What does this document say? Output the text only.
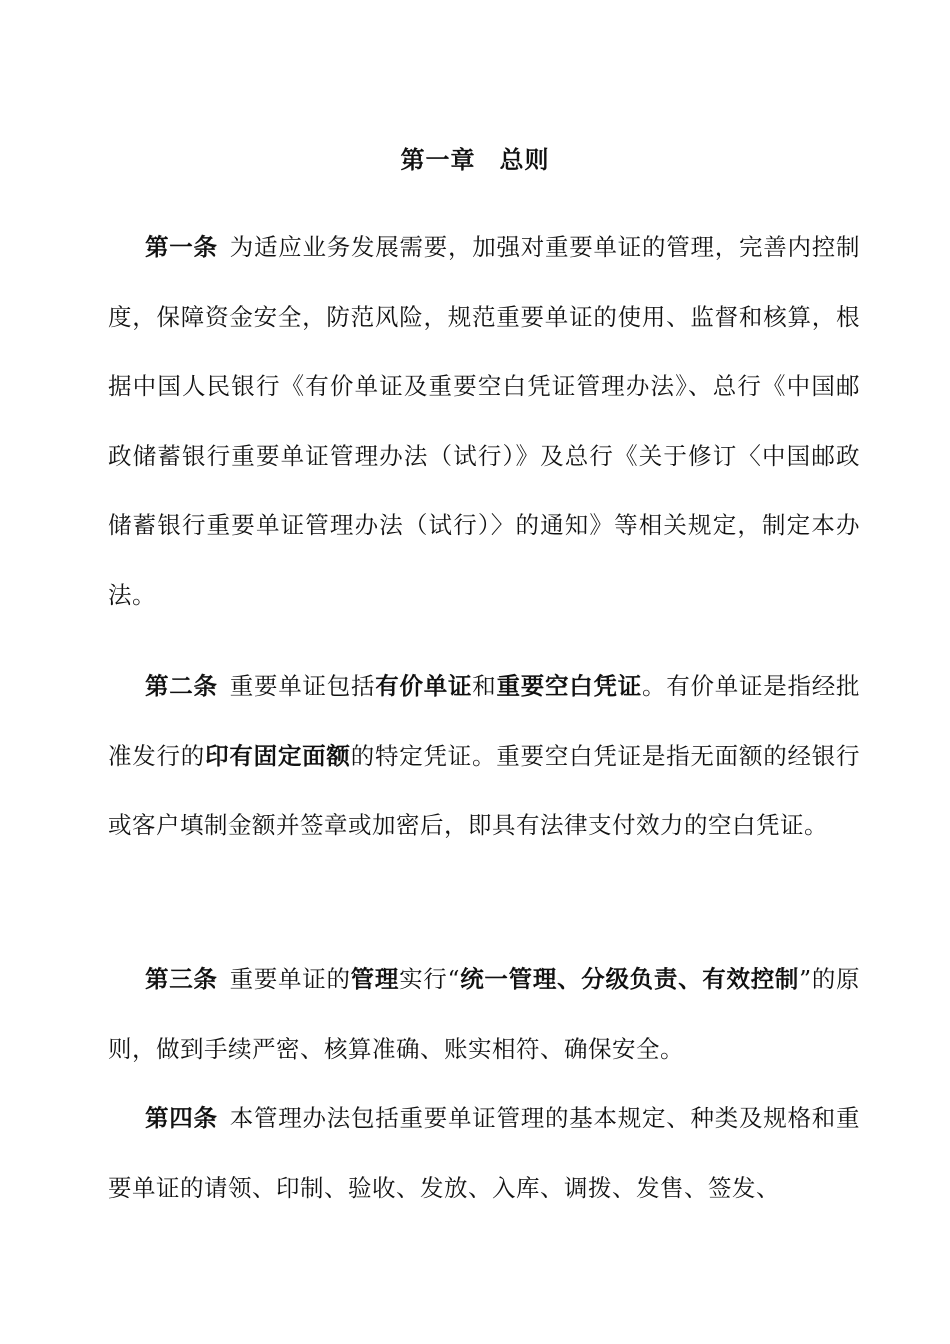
第一章 总则

第一条 为适应业务发展需要，加强对重要单证的管理，完善内控制度，保障资金安全，防范风险，规范重要单证的使用、监督和核算，根据中国人民银行《有价单证及重要空白凭证管理办法》、总行《中国邮政储蓄银行重要单证管理办法（试行）》及总行《关于修订〈中国邮政储蓄银行重要单证管理办法（试行）〉的通知》等相关规定，制定本办法。

第二条 重要单证包括有价单证和重要空白凭证。有价单证是指经批准发行的印有固定面额的特定凭证。重要空白凭证是指无面额的经银行或客户填制金额并签章或加密后，即具有法律支付效力的空白凭证。

第三条 重要单证的管理实行“统一管理、分级负责、有效控制”的原则，做到手续严密、核算准确、账实相符、确保安全。

第四条 本管理办法包括重要单证管理的基本规定、种类及规格和重要单证的请领、印制、验收、发放、入库、调拨、发售、签发、
